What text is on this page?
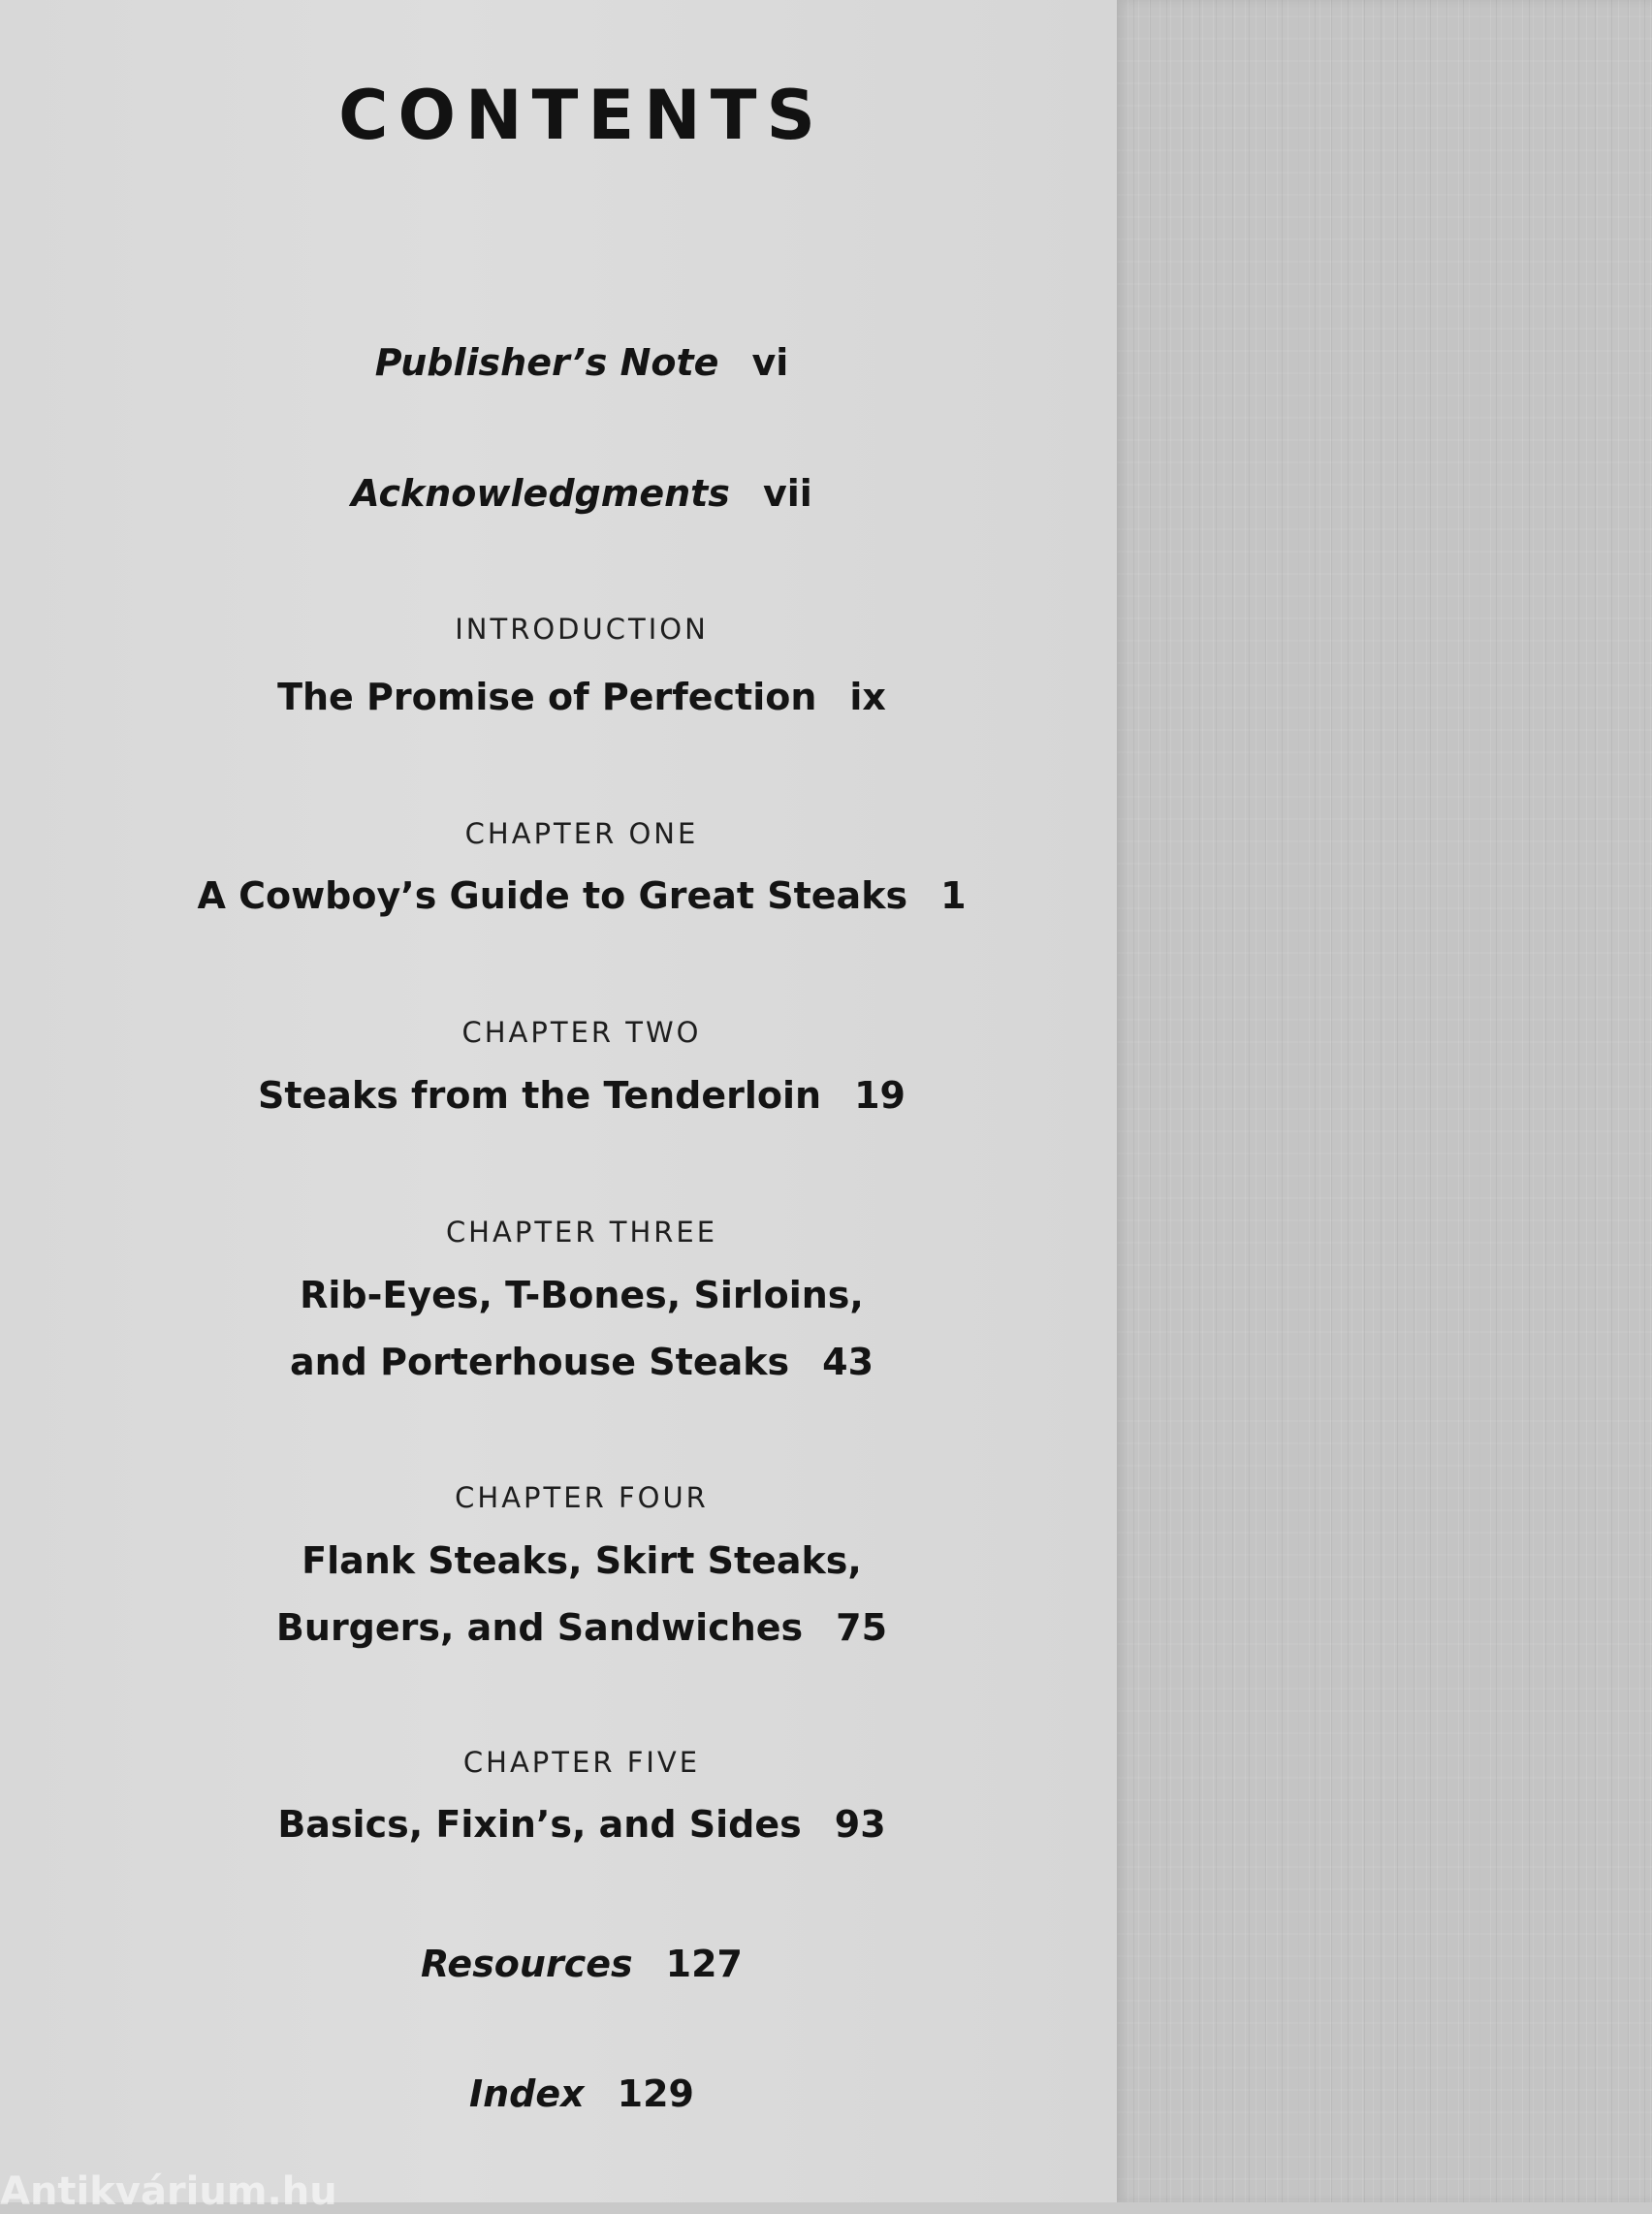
CONTENTS
Publisher’s Note vi
Acknowledgments vii
INTRODUCTION
The Promise of Perfection ix
CHAPTER ONE
A Cowboy’s Guide to Great Steaks 1
CHAPTER TWO
Steaks from the Tenderloin 19
CHAPTER THREE
Rib-Eyes, T-Bones, Sirloins,
and Porterhouse Steaks 43
CHAPTER FOUR
Flank Steaks, Skirt Steaks,
Burgers, and Sandwiches 75
CHAPTER FIVE
Basics, Fixin’s, and Sides 93
Resources 127
Index 129
Antikvárium.hu
